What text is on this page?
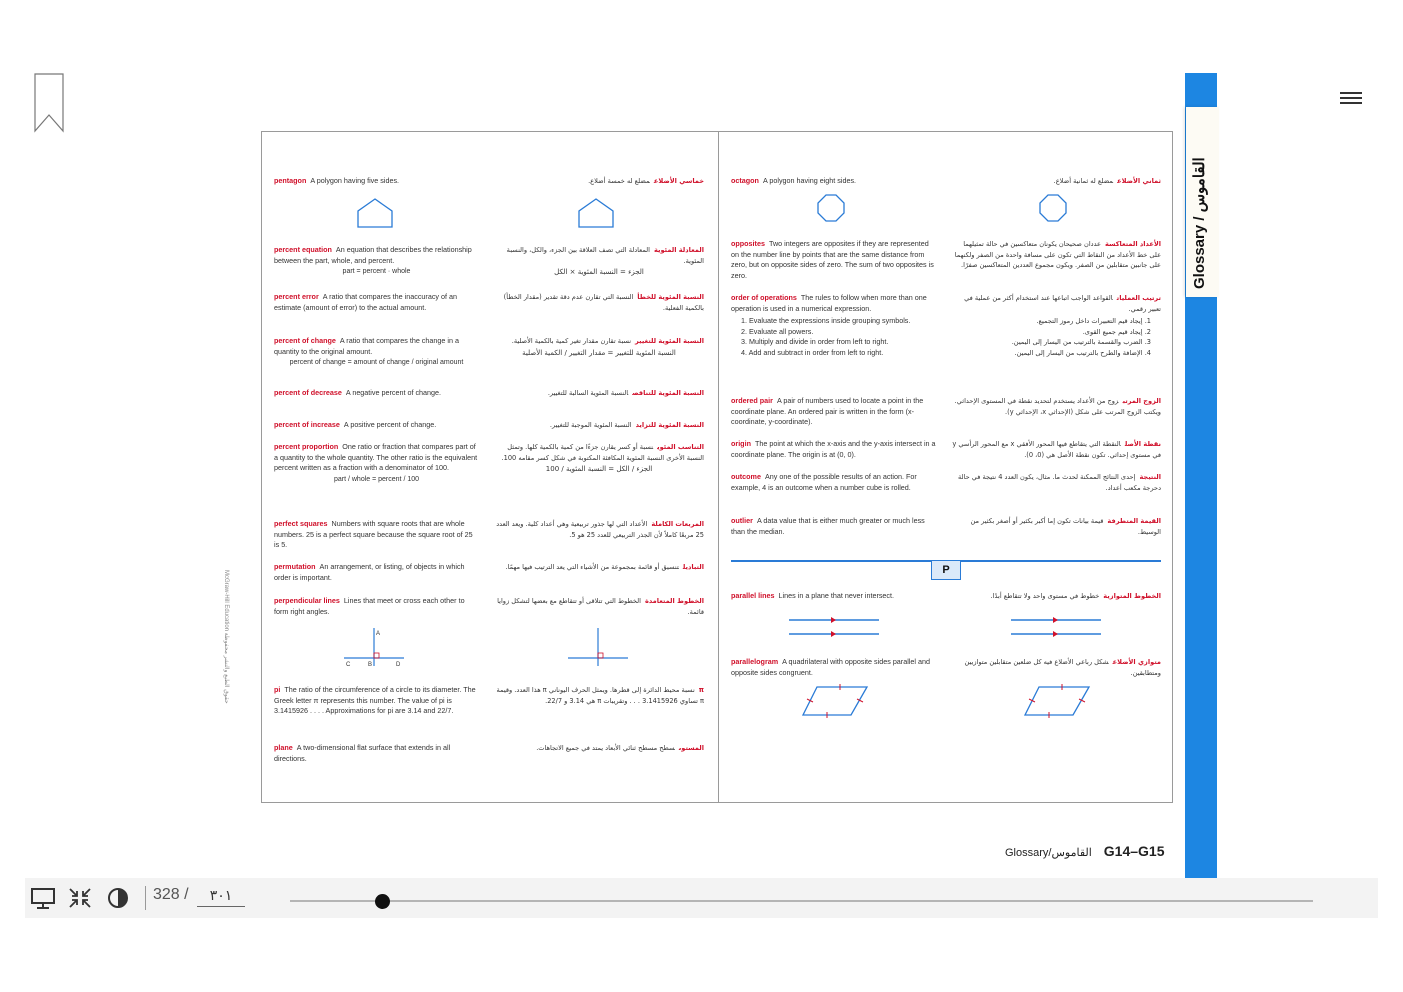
McGraw-Hill Education حقوق الطبع والنشر محفوظة
pentagon A polygon having five sides.	خماسي الأضلاعمضلع له خمسة أضلاع.
percent equation An equation that describes the relationship between the part, whole, and percent.
part = percent · whole
المعادلة المئويةالمعادلة التي تصف العلاقة بين الجزء، والكل، والنسبة المئوية.
الجزء = النسبة المئوية × الكل
percent error A ratio that compares the inaccuracy of an estimate (amount of error) to the actual amount.
النسبة المئوية للخطأالنسبة التي تقارن عدم دقة تقدير (مقدار الخطأ) بالكمية الفعلية.
percent of change A ratio that compares the change in a quantity to the original amount.
percent of change = amount of change / original amount
النسبة المئوية للتغييرنسبة تقارن مقدار تغير كمية بالكمية الأصلية.
النسبة المئوية للتغيير = مقدار التغيير / الكمية الأصلية
percent of decrease A negative percent of change.	النسبة المئوية للتناقصالنسبة المئوية السالبة للتغيير.
percent of increase A positive percent of change.	النسبة المئوية للتزايدالنسبة المئوية الموجبة للتغيير.
percent proportion One ratio or fraction that compares part of a quantity to the whole quantity. The other ratio is the equivalent percent written as a fraction with a denominator of 100.
part / whole = percent / 100
التناسب المئوينسبة أو كسر يقارن جزءًا من كمية بالكمية كلها. وتمثل النسبة الأخرى النسبة المئوية المكافئة المكتوبة في شكل كسر مقامه 100.
الجزء / الكل = النسبة المئوية / 100
perfect squares Numbers with square roots that are whole numbers. 25 is a perfect square because the square root of 25 is 5.
المربعات الكاملةالأعداد التي لها جذور تربيعية وهي أعداد كلية. ويعد العدد 25 مربعًا كاملاً لأن الجذر التربيعي للعدد 25 هو 5.
permutation An arrangement, or listing, of objects in which order is important.
التباديلتنسيق أو قائمة بمجموعة من الأشياء التي يعد الترتيب فيها مهمًا.
perpendicular lines Lines that meet or cross each other to form right angles.
الخطوط المتعامدةالخطوط التي تتلاقى أو تتقاطع مع بعضها لتشكل زوايا قائمة.
A
C	B	D
pi The ratio of the circumference of a circle to its diameter. The Greek letter π represents this number. The value of pi is 3.1415926 . . . . Approximations for pi are 3.14 and 22/7.
πنسبة محيط الدائرة إلى قطرها. ويمثل الحرف اليوناني π هذا العدد. وقيمة π تساوي 3.1415926 . . . وتقريبات π هي 3.14 و 22/7.
plane A two-dimensional flat surface that extends in all directions.
المستوىسطح مسطح ثنائي الأبعاد يمتد في جميع الاتجاهات.
octagon A polygon having eight sides.	ثماني الأضلاعمضلع له ثمانية أضلاع.
opposites Two integers are opposites if they are represented on the number line by points that are the same distance from zero, but on opposite sides of zero. The sum of two opposites is zero.
الأعداد المتعاكسةعددان صحيحان يكونان متعاكسين في حالة تمثيلهما على خط الأعداد من النقاط التي تكون على مسافة واحدة من الصفر ولكنهما على جانبين متقابلين من الصفر. ويكون مجموع العددين المتعاكسين صفرًا.
order of operations The rules to follow when more than one operation is used in a numerical expression.
1. Evaluate the expressions inside grouping symbols.
2. Evaluate all powers.
3. Multiply and divide in order from left to right.
4. Add and subtract in order from left to right.
ترتيب العملياتالقواعد الواجب اتباعها عند استخدام أكثر من عملية في تعبير رقمي.
1. إيجاد قيم التعبيرات داخل رموز التجميع.
2. إيجاد قيم جميع القوى.
3. الضرب والقسمة بالترتيب من اليسار إلى اليمين.
4. الإضافة والطرح بالترتيب من اليسار إلى اليمين.
ordered pair A pair of numbers used to locate a point in the coordinate plane. An ordered pair is written in the form (x-coordinate, y-coordinate).
الزوج المرتبزوج من الأعداد يستخدم لتحديد نقطة في المستوى الإحداثي. ويكتب الزوج المرتب على شكل (الإحداثي x، الإحداثي y).
origin The point at which the x-axis and the y-axis intersect in a coordinate plane. The origin is at (0, 0).
نقطة الأصلالنقطة التي يتقاطع فيها المحور الأفقي x مع المحور الرأسي y في مستوى إحداثي. تكون نقطة الأصل هي (0، 0).
outcome Any one of the possible results of an action. For example, 4 is an outcome when a number cube is rolled.
النتيجةإحدى النتائج الممكنة لحدث ما. مثال، يكون العدد 4 نتيجة في حالة دحرجة مكعب أعداد.
outlier A data value that is either much greater or much less than the median.
القيمة المتطرفةقيمة بيانات تكون إما أكبر بكثير أو أصغر بكثير من الوسيط.
P
parallel lines Lines in a plane that never intersect.	الخطوط المتوازيةخطوط في مستوى واحد ولا تتقاطع أبدًا.
parallelogram A quadrilateral with opposite sides parallel and opposite sides congruent.
متوازي الأضلاعشكل رباعي الأضلاع فيه كل ضلعين متقابلين متوازيين ومتطابقين.
Glossary / القاموس
Glossary/القاموس G14–G15
328 /
٣٠١
